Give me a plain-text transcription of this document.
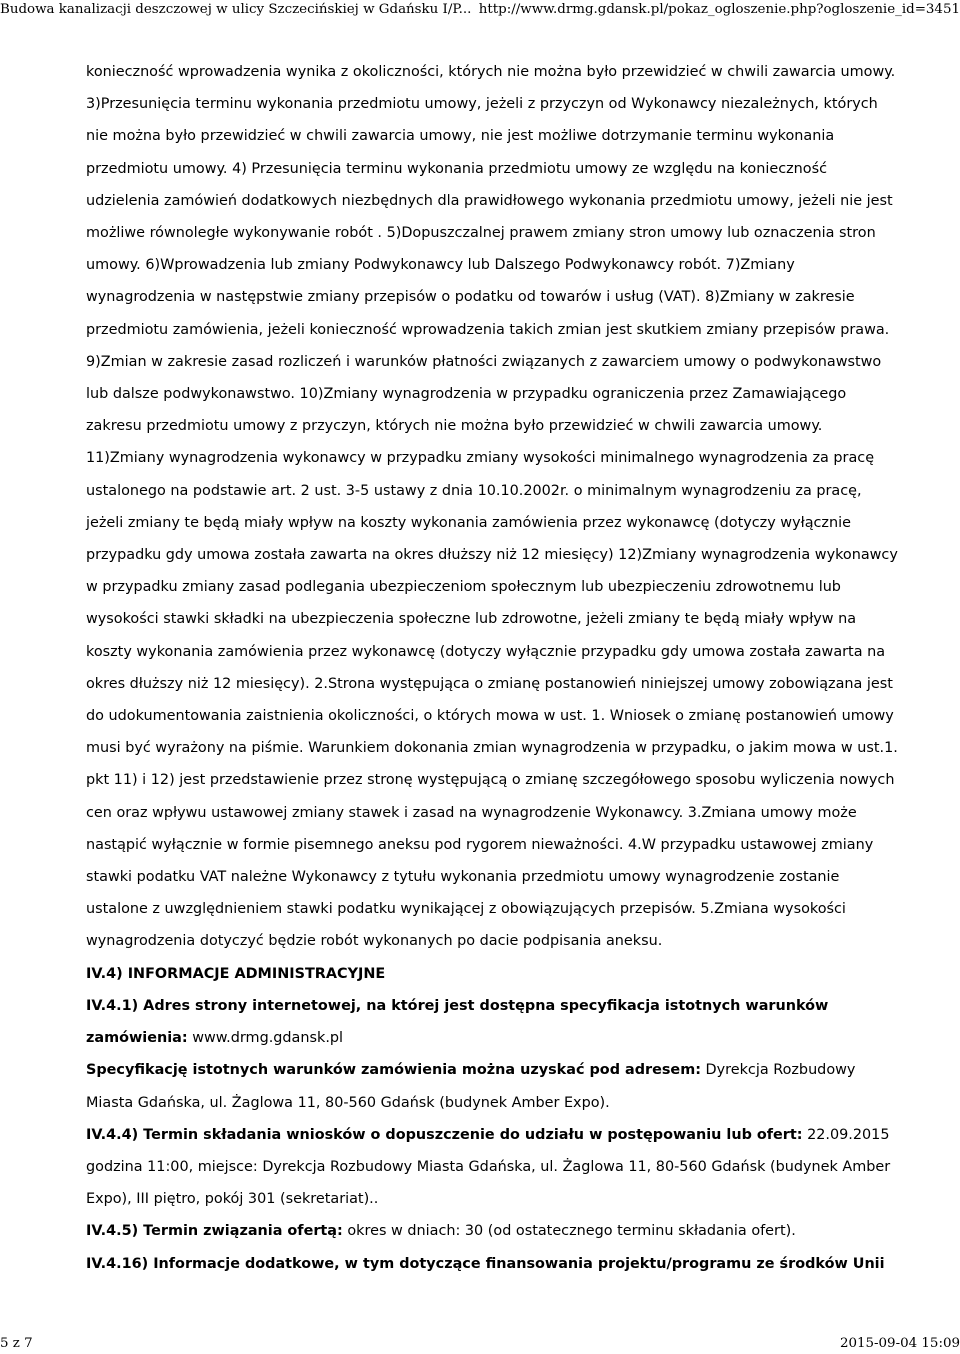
Budowa kanalizacji deszczowej w ulicy Szczecińskiej w Gdańsku I/P... http://www.drmg.gdansk.pl/pokaz_ogloszenie.php?ogloszenie_id=3451

konieczność wprowadzenia wynika z okoliczności, których nie można było przewidzieć w chwili zawarcia umowy. 3)Przesunięcia terminu wykonania przedmiotu umowy, jeżeli z przyczyn od Wykonawcy niezależnych, których nie można było przewidzieć w chwili zawarcia umowy, nie jest możliwe dotrzymanie terminu wykonania przedmiotu umowy. 4) Przesunięcia terminu wykonania przedmiotu umowy ze względu na konieczność udzielenia zamówień dodatkowych niezbędnych dla prawidłowego wykonania przedmiotu umowy, jeżeli nie jest możliwe równoległe wykonywanie robót . 5)Dopuszczalnej prawem zmiany stron umowy lub oznaczenia stron umowy. 6)Wprowadzenia lub zmiany Podwykonawcy lub Dalszego Podwykonawcy robót. 7)Zmiany wynagrodzenia w następstwie zmiany przepisów o podatku od towarów i usług (VAT). 8)Zmiany w zakresie przedmiotu zamówienia, jeżeli konieczność wprowadzenia takich zmian jest skutkiem zmiany przepisów prawa. 9)Zmian w zakresie zasad rozliczeń i warunków płatności związanych z zawarciem umowy o podwykonawstwo lub dalsze podwykonawstwo. 10)Zmiany wynagrodzenia w przypadku ograniczenia przez Zamawiającego zakresu przedmiotu umowy z przyczyn, których nie można było przewidzieć w chwili zawarcia umowy. 11)Zmiany wynagrodzenia wykonawcy w przypadku zmiany wysokości minimalnego wynagrodzenia za pracę ustalonego na podstawie art. 2 ust. 3-5 ustawy z dnia 10.10.2002r. o minimalnym wynagrodzeniu za pracę, jeżeli zmiany te będą miały wpływ na koszty wykonania zamówienia przez wykonawcę (dotyczy wyłącznie przypadku gdy umowa została zawarta na okres dłuższy niż 12 miesięcy) 12)Zmiany wynagrodzenia wykonawcy w przypadku zmiany zasad podlegania ubezpieczeniom społecznym lub ubezpieczeniu zdrowotnemu lub wysokości stawki składki na ubezpieczenia społeczne lub zdrowotne, jeżeli zmiany te będą miały wpływ na koszty wykonania zamówienia przez wykonawcę (dotyczy wyłącznie przypadku gdy umowa została zawarta na okres dłuższy niż 12 miesięcy). 2.Strona występująca o zmianę postanowień niniejszej umowy zobowiązana jest do udokumentowania zaistnienia okoliczności, o których mowa w ust. 1. Wniosek o zmianę postanowień umowy musi być wyrażony na piśmie. Warunkiem dokonania zmian wynagrodzenia w przypadku, o jakim mowa w ust.1. pkt 11) i 12) jest przedstawienie przez stronę występującą o zmianę szczegółowego sposobu wyliczenia nowych cen oraz wpływu ustawowej zmiany stawek i zasad na wynagrodzenie Wykonawcy. 3.Zmiana umowy może nastąpić wyłącznie w formie pisemnego aneksu pod rygorem nieważności. 4.W przypadku ustawowej zmiany stawki podatku VAT należne Wykonawcy z tytułu wykonania przedmiotu umowy wynagrodzenie zostanie ustalone z uwzględnieniem stawki podatku wynikającej z obowiązujących przepisów. 5.Zmiana wysokości wynagrodzenia dotyczyć będzie robót wykonanych po dacie podpisania aneksu.

IV.4) INFORMACJE ADMINISTRACYJNE

IV.4.1) Adres strony internetowej, na której jest dostępna specyfikacja istotnych warunków zamówienia: www.drmg.gdansk.pl

Specyfikację istotnych warunków zamówienia można uzyskać pod adresem: Dyrekcja Rozbudowy Miasta Gdańska, ul. Żaglowa 11, 80-560 Gdańsk (budynek Amber Expo).

IV.4.4) Termin składania wniosków o dopuszczenie do udziału w postępowaniu lub ofert: 22.09.2015 godzina 11:00, miejsce: Dyrekcja Rozbudowy Miasta Gdańska, ul. Żaglowa 11, 80-560 Gdańsk (budynek Amber Expo), III piętro, pokój 301 (sekretariat)..

IV.4.5) Termin związania ofertą: okres w dniach: 30 (od ostatecznego terminu składania ofert).

IV.4.16) Informacje dodatkowe, w tym dotyczące finansowania projektu/programu ze środków Unii

5 z 7	2015-09-04 15:09
